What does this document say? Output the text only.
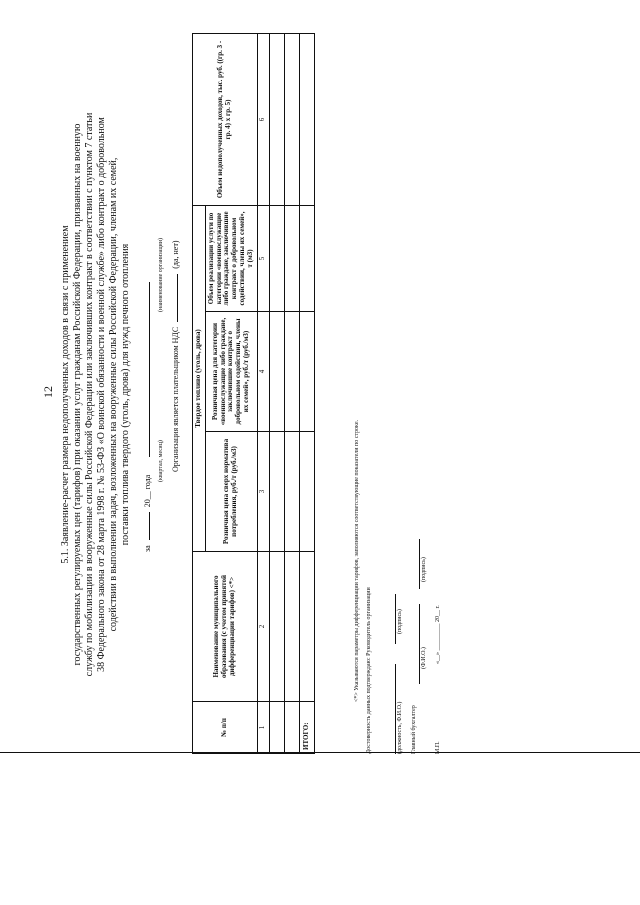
12 5.1. Заявление-расчет размера недополученных доходов в связи с применением государственных регулируемых цен (тарифов) при оказании услуг гражданам Российской Федерации, призванных на военную службу по мобилизации в вооруженные силы Российской Федерации или заключивших контракт в соответствии с пунктом 7 статьи 38 Федерального закона от 28 марта 1998 г. № 53-ФЗ «О воинской обязанности и военной службе» либо контракт о добровольном содействии в выполнении задач, возложенных на вооруженные силы Российской Федерации, членам их семей, поставки топлива твердого (уголь, дрова) для нужд печного отопления
за  20__ года
(квартал, месяц)
(наименование организации)
Организация является плательщиком НДС  (да, нет)
№ п/п	Наименование муниципального образования (с учетом принятой дифференциации тарифов) <*>	Твердое топливо (уголь, дрова)			Объем недополученных доходов, тыс. руб. ((гр. 3 - гр. 4) x гр. 5)
		Розничная цена сверх норматива потребления, руб./т (руб./м3)	Розничная цена для категории «военнослужащие либо граждане, заключившие контракт о добровольном содействии, члены их семей», руб./т (руб./м3)	Объем реализации услуги по категории «военнослужащие либо граждане, заключившие контракт о добровольном содействии, члены их семей», т (м3)	
1	2	3	4	5	6

ИТОГО:					
<*> Указываются параметры дифференциации тарифов, заполняются соответствующие показатели по строке. Достоверность данных подтверждаю: Руководитель организации	(должность, Ф.И.О.)
(подпись)
Главный бухгалтер
(Ф.И.О.)
(подпись)
М.П.
«__» _________ 20__ г.
